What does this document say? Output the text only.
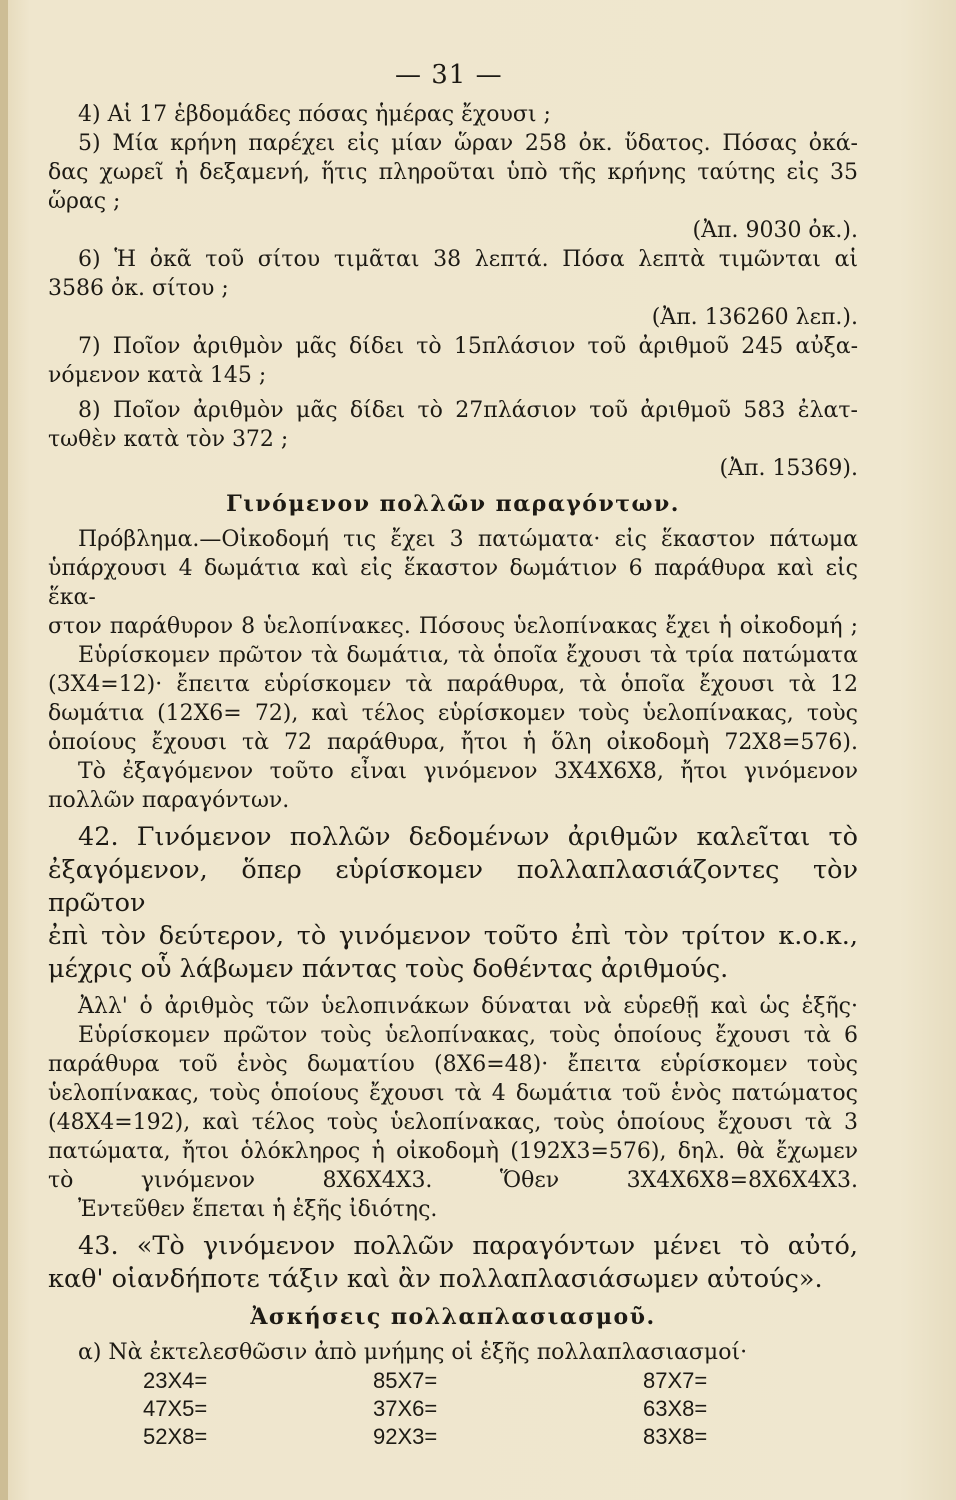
— 31 —

4) Αἱ 17 ἑβδομάδες πόσας ἡμέρας ἔχουσι ;

5) Μία κρήνη παρέχει εἰς μίαν ὥραν 258 ὀκ. ὕδατος. Πόσας ὀκά-

δας χωρεῖ ἡ δεξαμενή, ἥτις πληροῦται ὑπὸ τῆς κρήνης ταύτης εἰς 35

ὥρας ;

(Ἀπ. 9030 ὀκ.).

6) Ἡ ὀκᾶ τοῦ σίτου τιμᾶται 38 λεπτά. Πόσα λεπτὰ τιμῶνται αἱ

3586 ὀκ. σίτου ;

(Ἀπ. 136260 λεπ.).

7) Ποῖον ἀριθμὸν μᾶς δίδει τὸ 15πλάσιον τοῦ ἀριθμοῦ 245 αὐξα-

νόμενον κατὰ 145 ;

8) Ποῖον ἀριθμὸν μᾶς δίδει τὸ 27πλάσιον τοῦ ἀριθμοῦ 583 ἐλατ-

τωθὲν κατὰ τὸν 372 ;

(Ἀπ. 15369).

Γινόμενον πολλῶν παραγόντων.

Πρόβλημα.—Οἰκοδομή τις ἔχει 3 πατώματα· εἰς ἕκαστον πάτωμα

ὑπάρχουσι 4 δωμάτια καὶ εἰς ἕκαστον δωμάτιον 6 παράθυρα καὶ εἰς ἕκα-

στον παράθυρον 8 ὑελοπίνακες. Πόσους ὑελοπίνακας ἔχει ἡ οἰκοδομή ;

Εὑρίσκομεν πρῶτον τὰ δωμάτια, τὰ ὁποῖα ἔχουσι τὰ τρία πατώματα

(3Χ4=12)· ἔπειτα εὑρίσκομεν τὰ παράθυρα, τὰ ὁποῖα ἔχουσι τὰ 12

δωμάτια (12Χ6= 72), καὶ τέλος εὑρίσκομεν τοὺς ὑελοπίνακας, τοὺς

ὁποίους ἔχουσι τὰ 72 παράθυρα, ἤτοι ἡ ὅλη οἰκοδομὴ 72Χ8=576).

Τὸ ἐξαγόμενον τοῦτο εἶναι γινόμενον 3Χ4Χ6Χ8, ἤτοι γινόμενον

πολλῶν παραγόντων.

42. Γινόμενον πολλῶν δεδομένων ἀριθμῶν καλεῖται τὸ

ἐξαγόμενον, ὅπερ εὑρίσκομεν πολλαπλασιάζοντες τὸν πρῶτον

ἐπὶ τὸν δεύτερον, τὸ γινόμενον τοῦτο ἐπὶ τὸν τρίτον κ.ο.κ.,

μέχρις οὗ λάβωμεν πάντας τοὺς δοθέντας ἀριθμούς.

Ἀλλ' ὁ ἀριθμὸς τῶν ὑελοπινάκων δύναται νὰ εὑρεθῇ καὶ ὡς ἑξῆς·

Εὑρίσκομεν πρῶτον τοὺς ὑελοπίνακας, τοὺς ὁποίους ἔχουσι τὰ 6

παράθυρα τοῦ ἑνὸς δωματίου (8Χ6=48)· ἔπειτα εὑρίσκομεν τοὺς

ὑελοπίνακας, τοὺς ὁποίους ἔχουσι τὰ 4 δωμάτια τοῦ ἑνὸς πατώματος

(48Χ4=192), καὶ τέλος τοὺς ὑελοπίνακας, τοὺς ὁποίους ἔχουσι τὰ 3

πατώματα, ἤτοι ὁλόκληρος ἡ οἰκοδομὴ (192Χ3=576), δηλ. θὰ ἔχωμεν

τὸ γινόμενον 8Χ6Χ4Χ3. Ὅθεν 3Χ4Χ6Χ8=8Χ6Χ4Χ3.

Ἐντεῦθεν ἕπεται ἡ ἑξῆς ἰδιότης.

43. «Τὸ γινόμενον πολλῶν παραγόντων μένει τὸ αὐτό,

καθ' οἱανδήποτε τάξιν καὶ ἂν πολλαπλασιάσωμεν αὐτούς».

Ἀσκήσεις πολλαπλασιασμοῦ.

α) Νὰ ἐκτελεσθῶσιν ἀπὸ μνήμης οἱ ἑξῆς πολλαπλασιασμοί·

23Χ4=	85Χ7=	87Χ7=
47Χ5=	37Χ6=	63Χ8=
52Χ8=	92Χ3=	83Χ8=
